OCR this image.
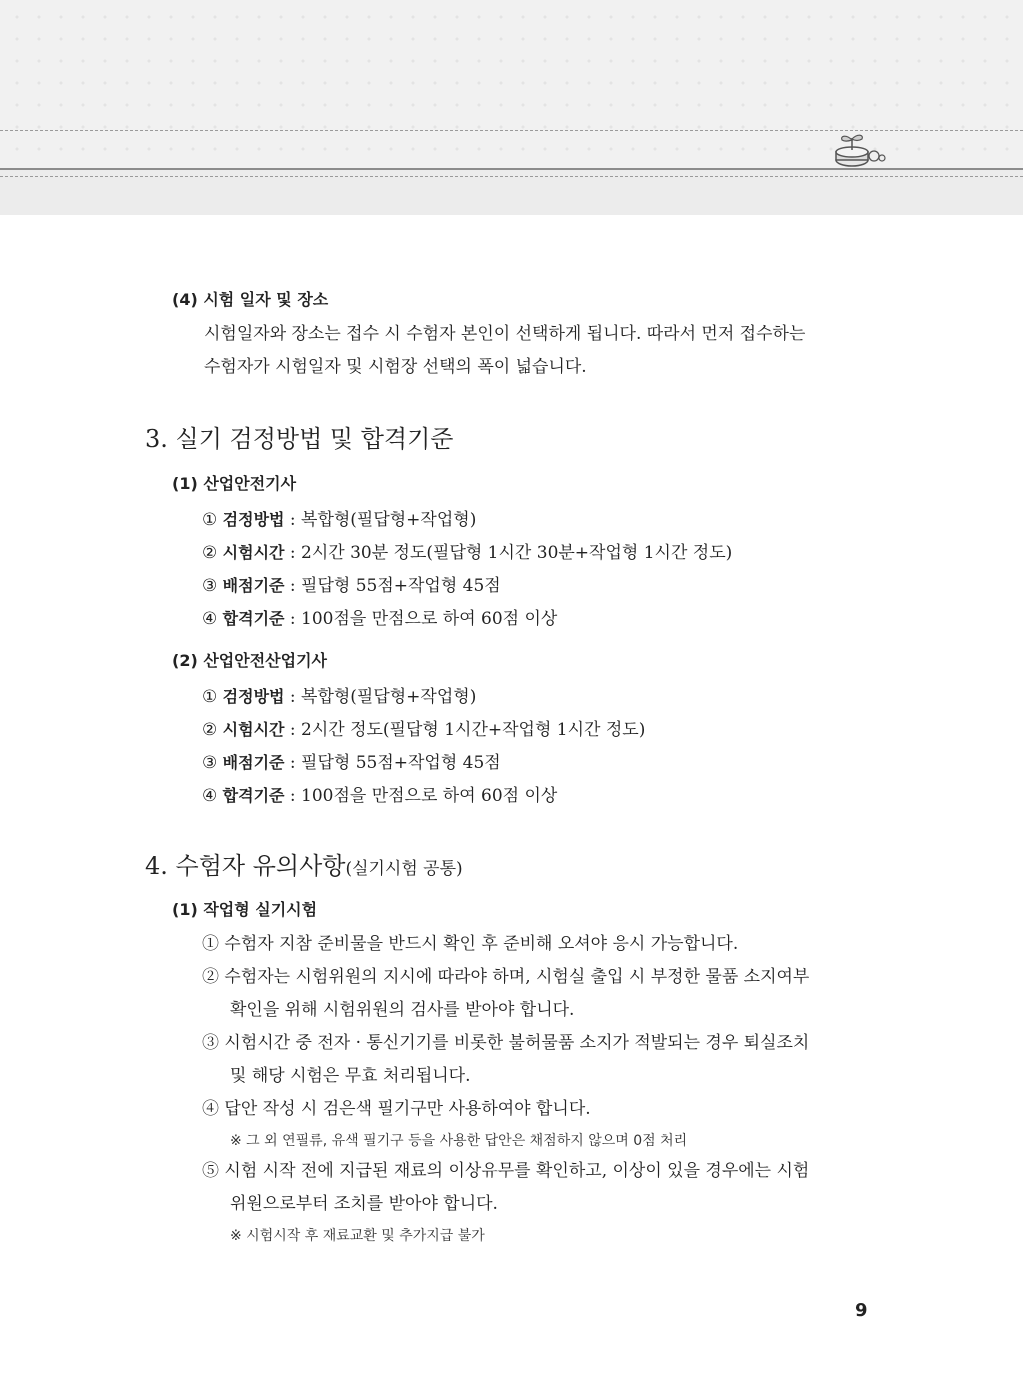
(4) 시험 일자 및 장소
시험일자와 장소는 접수 시 수험자 본인이 선택하게 됩니다. 따라서 먼저 접수하는
수험자가 시험일자 및 시험장 선택의 폭이 넓습니다.
3. 실기 검정방법 및 합격기준
(1) 산업안전기사
① 검정방법 : 복합형(필답형+작업형)
② 시험시간 : 2시간 30분 정도(필답형 1시간 30분+작업형 1시간 정도)
③ 배점기준 : 필답형 55점+작업형 45점
④ 합격기준 : 100점을 만점으로 하여 60점 이상
(2) 산업안전산업기사
① 검정방법 : 복합형(필답형+작업형)
② 시험시간 : 2시간 정도(필답형 1시간+작업형 1시간 정도)
③ 배점기준 : 필답형 55점+작업형 45점
④ 합격기준 : 100점을 만점으로 하여 60점 이상
4. 수험자 유의사항(실기시험 공통)
(1) 작업형 실기시험
① 수험자 지참 준비물을 반드시 확인 후 준비해 오셔야 응시 가능합니다.
② 수험자는 시험위원의 지시에 따라야 하며, 시험실 출입 시 부정한 물품 소지여부
확인을 위해 시험위원의 검사를 받아야 합니다.
③ 시험시간 중 전자 · 통신기기를 비롯한 불허물품 소지가 적발되는 경우 퇴실조치
및 해당 시험은 무효 처리됩니다.
④ 답안 작성 시 검은색 필기구만 사용하여야 합니다.
※ 그 외 연필류, 유색 필기구 등을 사용한 답안은 채점하지 않으며 0점 처리
⑤ 시험 시작 전에 지급된 재료의 이상유무를 확인하고, 이상이 있을 경우에는 시험
위원으로부터 조치를 받아야 합니다.
※ 시험시작 후 재료교환 및 추가지급 불가
9
